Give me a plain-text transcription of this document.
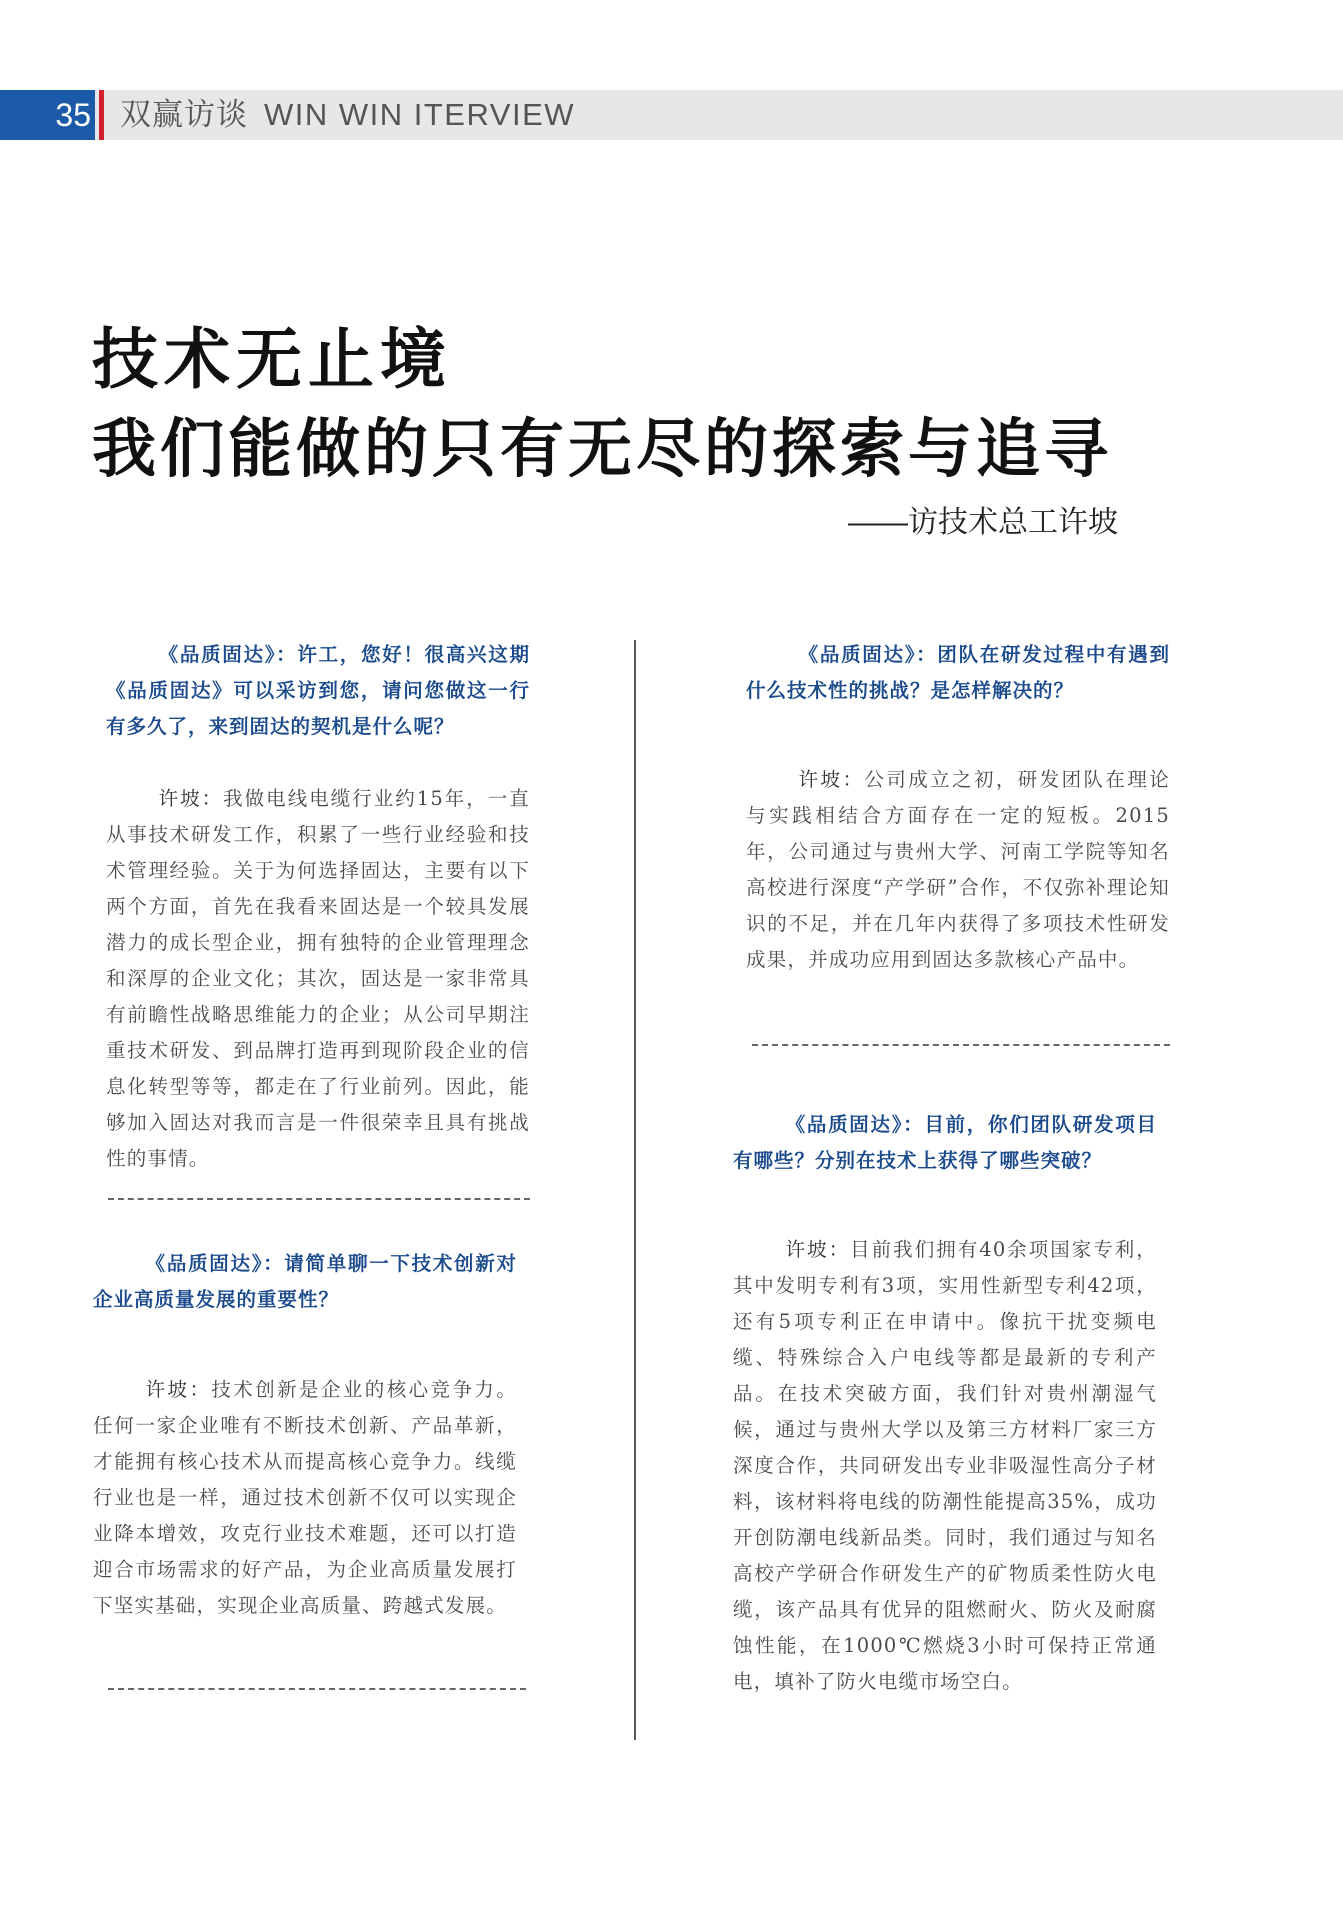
35 双赢访谈 WIN WIN ITERVIEW
技术无止境
我们能做的只有无尽的探索与追寻
——访技术总工许坡

《品质固达》：许工，您好！很高兴这期《品质固达》可以采访到您，请问您做这一行有多久了，来到固达的契机是什么呢？

许坡：我做电线电缆行业约15年，一直从事技术研发工作，积累了一些行业经验和技术管理经验。关于为何选择固达，主要有以下两个方面，首先在我看来固达是一个较具发展潜力的成长型企业，拥有独特的企业管理理念和深厚的企业文化；其次，固达是一家非常具有前瞻性战略思维能力的企业；从公司早期注重技术研发、到品牌打造再到现阶段企业的信息化转型等等，都走在了行业前列。因此，能够加入固达对我而言是一件很荣幸且具有挑战性的事情。

《品质固达》：请简单聊一下技术创新对企业高质量发展的重要性？

许坡：技术创新是企业的核心竞争力。任何一家企业唯有不断技术创新、产品革新，才能拥有核心技术从而提高核心竞争力。线缆行业也是一样，通过技术创新不仅可以实现企业降本增效，攻克行业技术难题，还可以打造迎合市场需求的好产品，为企业高质量发展打下坚实基础，实现企业高质量、跨越式发展。

《品质固达》：团队在研发过程中有遇到什么技术性的挑战？是怎样解决的？

许坡：公司成立之初，研发团队在理论与实践相结合方面存在一定的短板。2015年，公司通过与贵州大学、河南工学院等知名高校进行深度“产学研”合作，不仅弥补理论知识的不足，并在几年内获得了多项技术性研发成果，并成功应用到固达多款核心产品中。

《品质固达》：目前，你们团队研发项目有哪些？分别在技术上获得了哪些突破？

许坡：目前我们拥有40余项国家专利，其中发明专利有3项，实用性新型专利42项，还有5项专利正在申请中。像抗干扰变频电缆、特殊综合入户电线等都是最新的专利产品。在技术突破方面，我们针对贵州潮湿气候，通过与贵州大学以及第三方材料厂家三方深度合作，共同研发出专业非吸湿性高分子材料，该材料将电线的防潮性能提高35%，成功开创防潮电线新品类。同时，我们通过与知名高校产学研合作研发生产的矿物质柔性防火电缆，该产品具有优异的阻燃耐火、防火及耐腐蚀性能，在1000℃燃烧3小时可保持正常通电，填补了防火电缆市场空白。
